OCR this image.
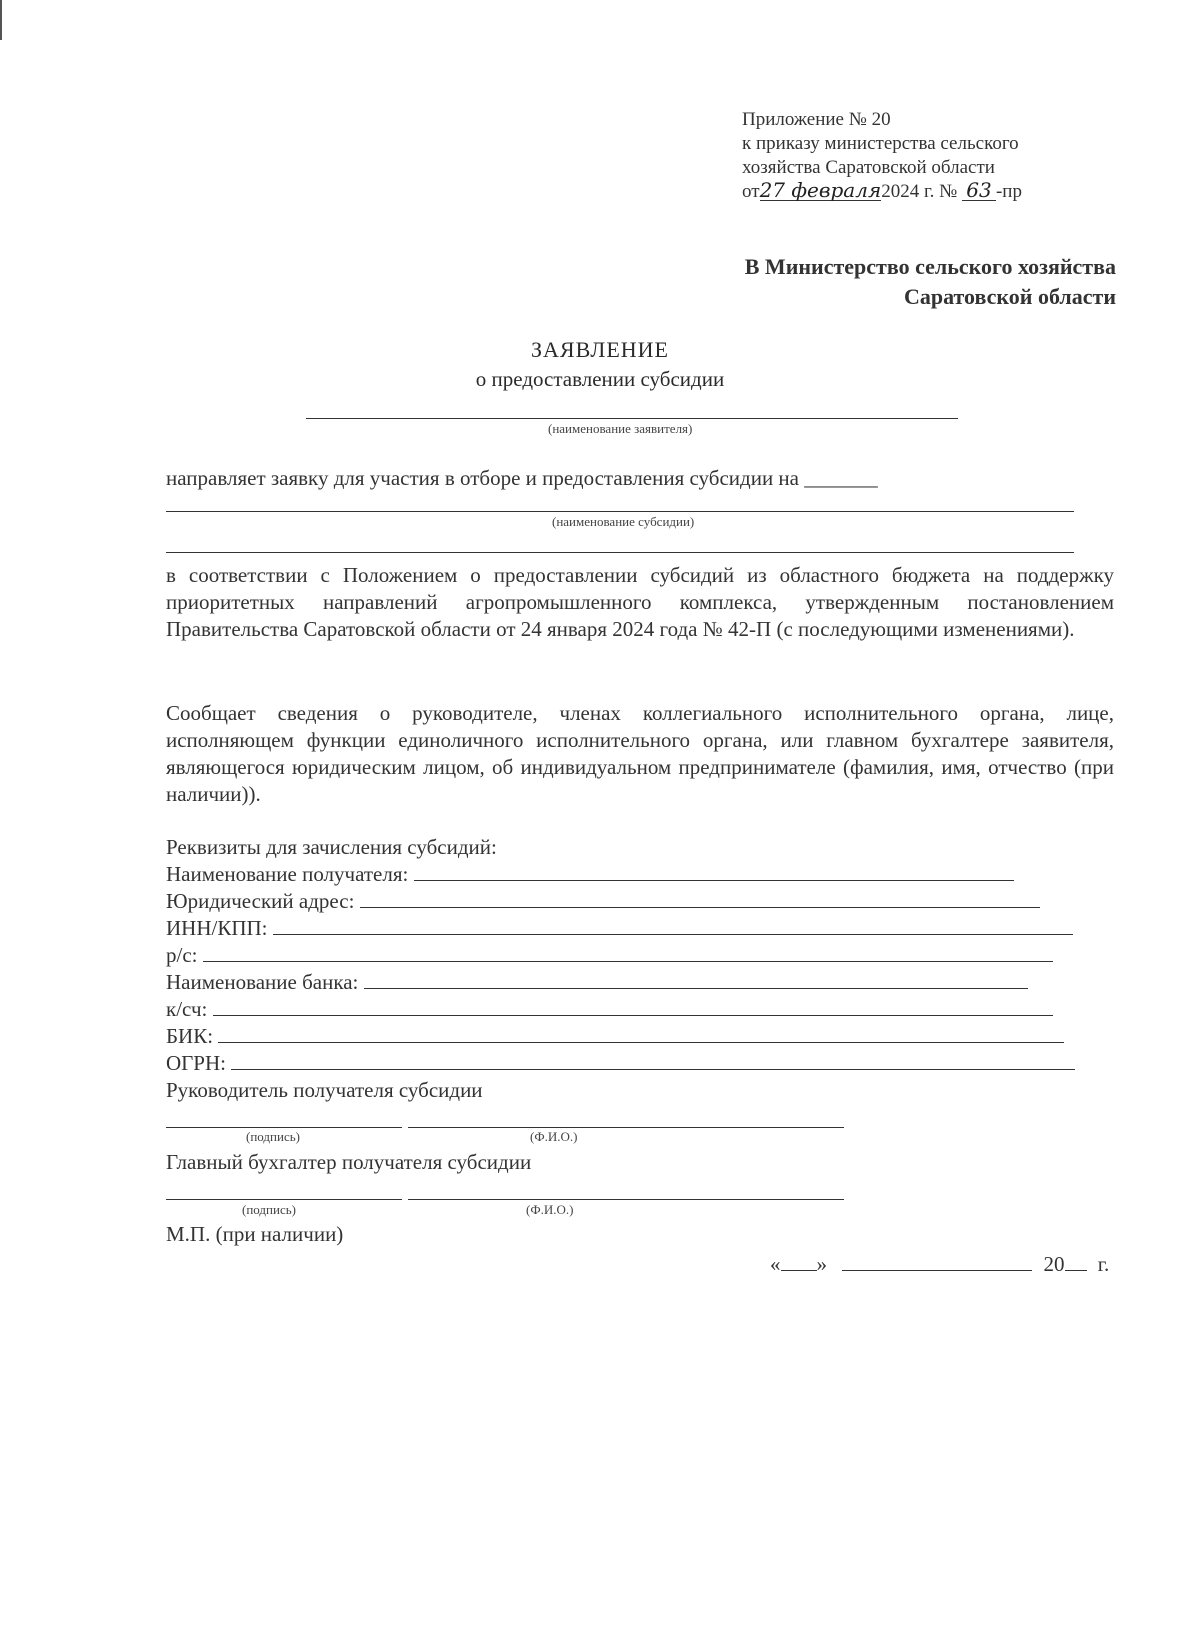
Приложение № 20
к приказу министерства сельского
хозяйства Саратовской области
от27 февраля2024 г. № 63 -пр
В Министерство сельского хозяйства
Саратовской области
ЗАЯВЛЕНИЕ
о предоставлении субсидии
(наименование заявителя)
направляет заявку для участия в отборе и предоставления субсидии на _______
(наименование субсидии)
в соответствии с Положением о предоставлении субсидий из областного бюджета на поддержку приоритетных направлений агропромышленного комплекса, утвержденным постановлением Правительства Саратовской области от 24 января 2024 года № 42-П (с последующими изменениями).
Сообщает сведения о руководителе, членах коллегиального исполнительного органа, лице, исполняющем функции единоличного исполнительного органа, или главном бухгалтере заявителя, являющегося юридическим лицом, об индивидуальном предпринимателе (фамилия, имя, отчество (при наличии)).
Реквизиты для зачисления субсидий:
Наименование получателя:
Юридический адрес:
ИНН/КПП:
р/с:
Наименование банка:
к/сч:
БИК:
ОГРН:
Руководитель получателя субсидии
(подпись)	(Ф.И.О.)
Главный бухгалтер получателя субсидии
(подпись)	(Ф.И.О.)
М.П. (при наличии)
« »	20 г.
